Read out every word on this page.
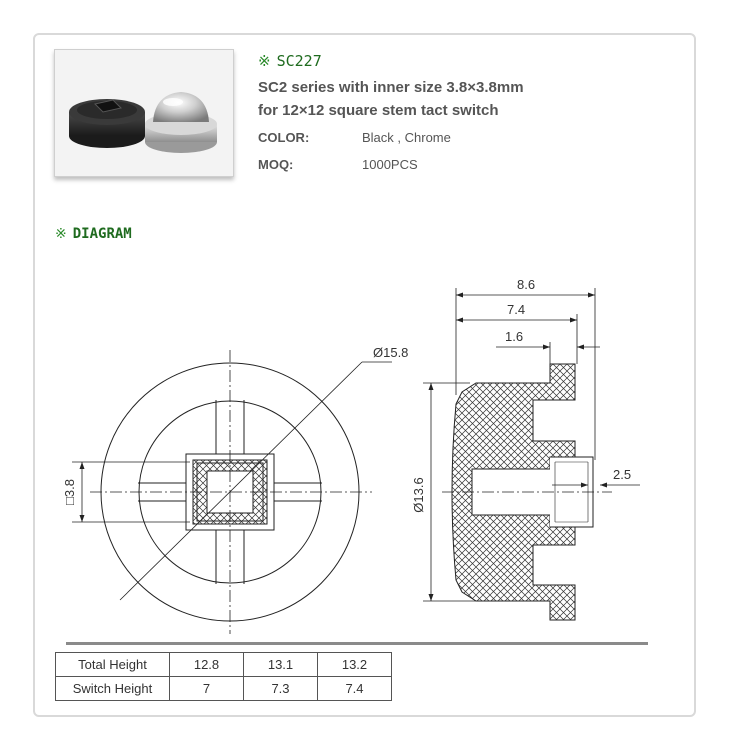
※ SC227
SC2 series with inner size 3.8×3.8mm
for 12×12 square stem tact switch
COLOR:	Black , Chrome
MOQ:	1000PCS
※ DIAGRAM
Ø15.8
□3.8
8.6
7.4
1.6
2.5
Ø13.6
Total Height	12.8	13.1	13.2
Switch Height	7	7.3	7.4
